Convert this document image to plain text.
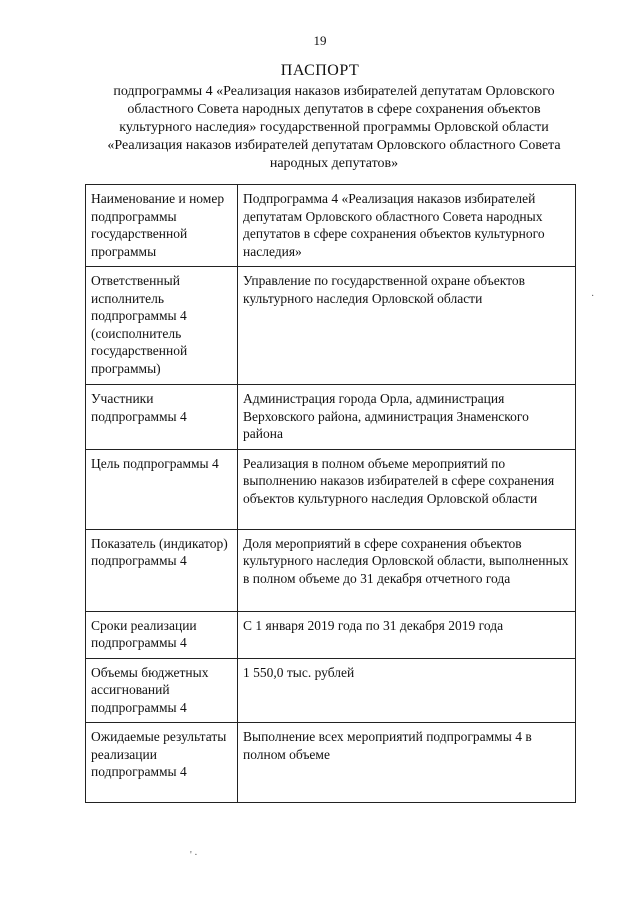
19
ПАСПОРТ
подпрограммы 4 «Реализация наказов избирателей депутатам Орловского областного Совета народных депутатов в сфере сохранения объектов культурного наследия» государственной программы Орловской области «Реализация наказов избирателей депутатам Орловского областного Совета народных депутатов»
Наименование и номер подпрограммы государственной программы	Подпрограмма 4 «Реализация наказов избирателей депутатам Орловского областного Совета народных депутатов в сфере сохранения объектов культурного наследия»
Ответственный исполнитель подпрограммы 4 (соисполнитель государственной программы)	Управление по государственной охране объектов культурного наследия Орловской области
Участники подпрограммы 4	Администрация города Орла, администрация Верховского района, администрация Знаменского района
Цель подпрограммы 4	Реализация в полном объеме мероприятий по выполнению наказов избирателей в сфере сохранения объектов культурного наследия Орловской области
Показатель (индикатор) подпрограммы 4	Доля мероприятий в сфере сохранения объектов культурного наследия Орловской области, выполненных в полном объеме до 31 декабря отчетного года
Сроки реализации подпрограммы 4	С 1 января 2019 года по 31 декабря 2019 года
Объемы бюджетных ассигнований подпрограммы 4	1 550,0 тыс. рублей
Ожидаемые результаты реализации подпрограммы 4	Выполнение всех мероприятий подпрограммы 4 в полном объеме
·
' ·
